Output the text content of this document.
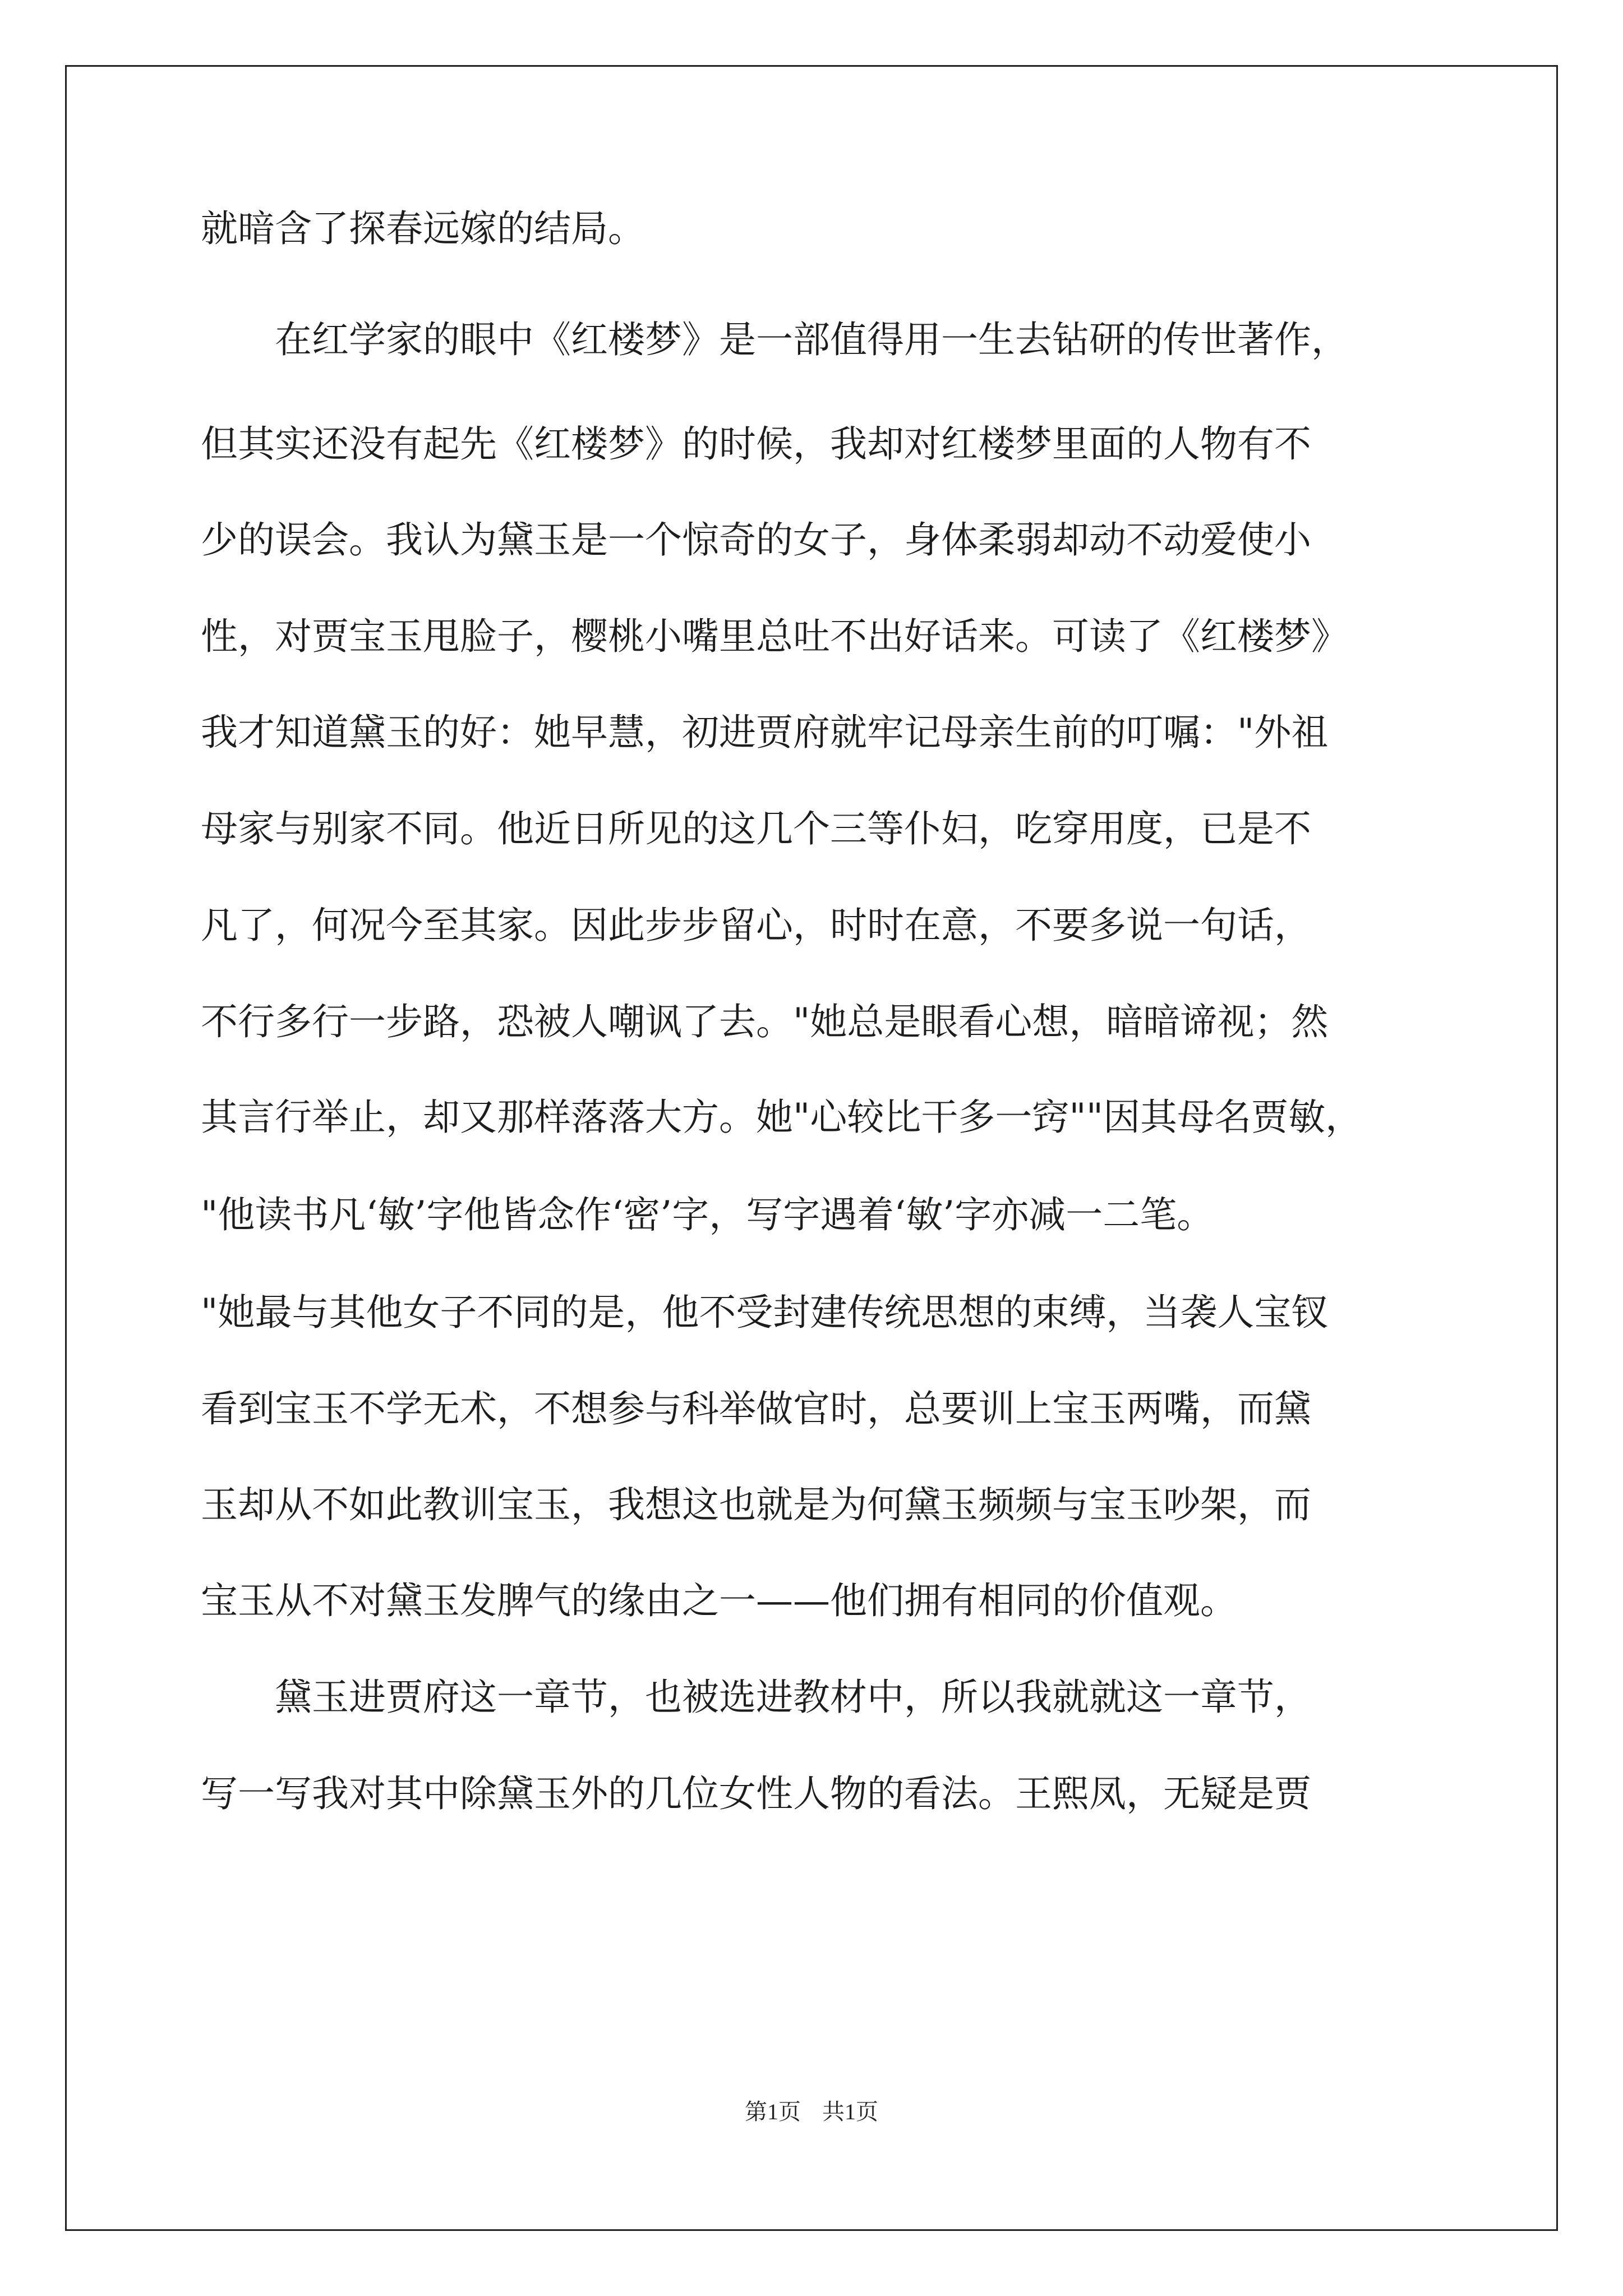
就暗含了探春远嫁的结局。
　　在红学家的眼中《红楼梦》是一部值得用一生去钻研的传世著作，
但其实还没有起先《红楼梦》的时候，我却对红楼梦里面的人物有不
少的误会。我认为黛玉是一个惊奇的女子，身体柔弱却动不动爱使小
性，对贾宝玉甩脸子，樱桃小嘴里总吐不出好话来。可读了《红楼梦》
我才知道黛玉的好：她早慧，初进贾府就牢记母亲生前的叮嘱："外祖
母家与别家不同。他近日所见的这几个三等仆妇，吃穿用度，已是不
凡了，何况今至其家。因此步步留心，时时在意，不要多说一句话，
不行多行一步路，恐被人嘲讽了去。"她总是眼看心想，暗暗谛视；然
其言行举止，却又那样落落大方。她"心较比干多一窍""因其母名贾敏，
"他读书凡‘敏’字他皆念作‘密’字，写字遇着‘敏’字亦减一二笔。
"她最与其他女子不同的是，他不受封建传统思想的束缚，当袭人宝钗
看到宝玉不学无术，不想参与科举做官时，总要训上宝玉两嘴，而黛
玉却从不如此教训宝玉，我想这也就是为何黛玉频频与宝玉吵架，而
宝玉从不对黛玉发脾气的缘由之一——他们拥有相同的价值观。
　　黛玉进贾府这一章节，也被选进教材中，所以我就就这一章节，
写一写我对其中除黛玉外的几位女性人物的看法。王熙凤，无疑是贾
第1页 共1页
